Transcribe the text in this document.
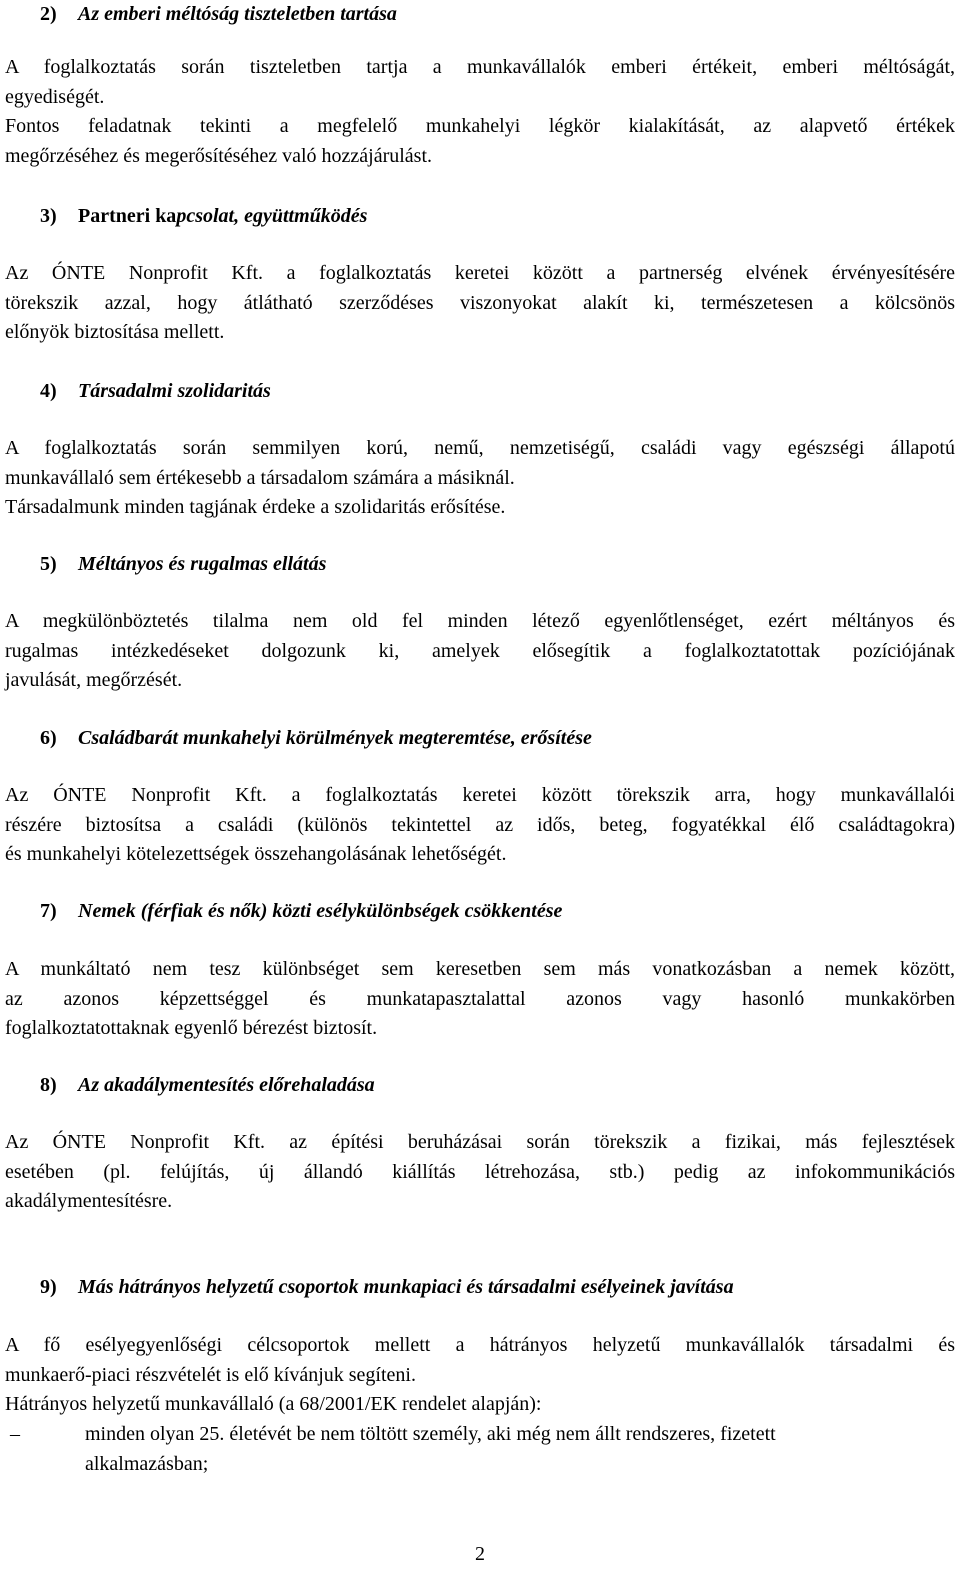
2) Az emberi méltóság tiszteletben tartása
A foglalkoztatás során tiszteletben tartja a munkavállalók emberi értékeit, emberi méltóságát,
egyediségét.
Fontos feladatnak tekinti a megfelelő munkahelyi légkör kialakítását, az alapvető értékek
megőrzéséhez és megerősítéséhez való hozzájárulást.
3) Partneri kapcsolat, együttműködés
Az ÓNTE Nonprofit Kft. a foglalkoztatás keretei között a partnerség elvének érvényesítésére
törekszik azzal, hogy átlátható szerződéses viszonyokat alakít ki, természetesen a kölcsönös
előnyök biztosítása mellett.
4) Társadalmi szolidaritás
A foglalkoztatás során semmilyen korú, nemű, nemzetiségű, családi vagy egészségi állapotú
munkavállaló sem értékesebb a társadalom számára a másiknál.
Társadalmunk minden tagjának érdeke a szolidaritás erősítése.
5) Méltányos és rugalmas ellátás
A megkülönböztetés tilalma nem old fel minden létező egyenlőtlenséget, ezért méltányos és
rugalmas intézkedéseket dolgozunk ki, amelyek elősegítik a foglalkoztatottak pozíciójának
javulását, megőrzését.
6) Családbarát munkahelyi körülmények megteremtése, erősítése
Az ÓNTE Nonprofit Kft. a foglalkoztatás keretei között törekszik arra, hogy munkavállalói
részére biztosítsa a családi (különös tekintettel az idős, beteg, fogyatékkal élő családtagokra)
és munkahelyi kötelezettségek összehangolásának lehetőségét.
7) Nemek (férfiak és nők) közti esélykülönbségek csökkentése
A munkáltató nem tesz különbséget sem keresetben sem más vonatkozásban a nemek között,
az azonos képzettséggel és munkatapasztalattal azonos vagy hasonló munkakörben
foglalkoztatottaknak egyenlő bérezést biztosít.
8) Az akadálymentesítés előrehaladása
Az ÓNTE Nonprofit Kft. az építési beruházásai során törekszik a fizikai, más fejlesztések
esetében (pl. felújítás, új állandó kiállítás létrehozása, stb.) pedig az infokommunikációs
akadálymentesítésre.
9) Más hátrányos helyzetű csoportok munkapiaci és társadalmi esélyeinek javítása
A fő esélyegyenlőségi célcsoportok mellett a hátrányos helyzetű munkavállalók társadalmi és
munkaerő-piaci részvételét is elő kívánjuk segíteni.
Hátrányos helyzetű munkavállaló (a 68/2001/EK rendelet alapján):
–	minden olyan 25. életévét be nem töltött személy, aki még nem állt rendszeres, fizetett
alkalmazásban;
2
